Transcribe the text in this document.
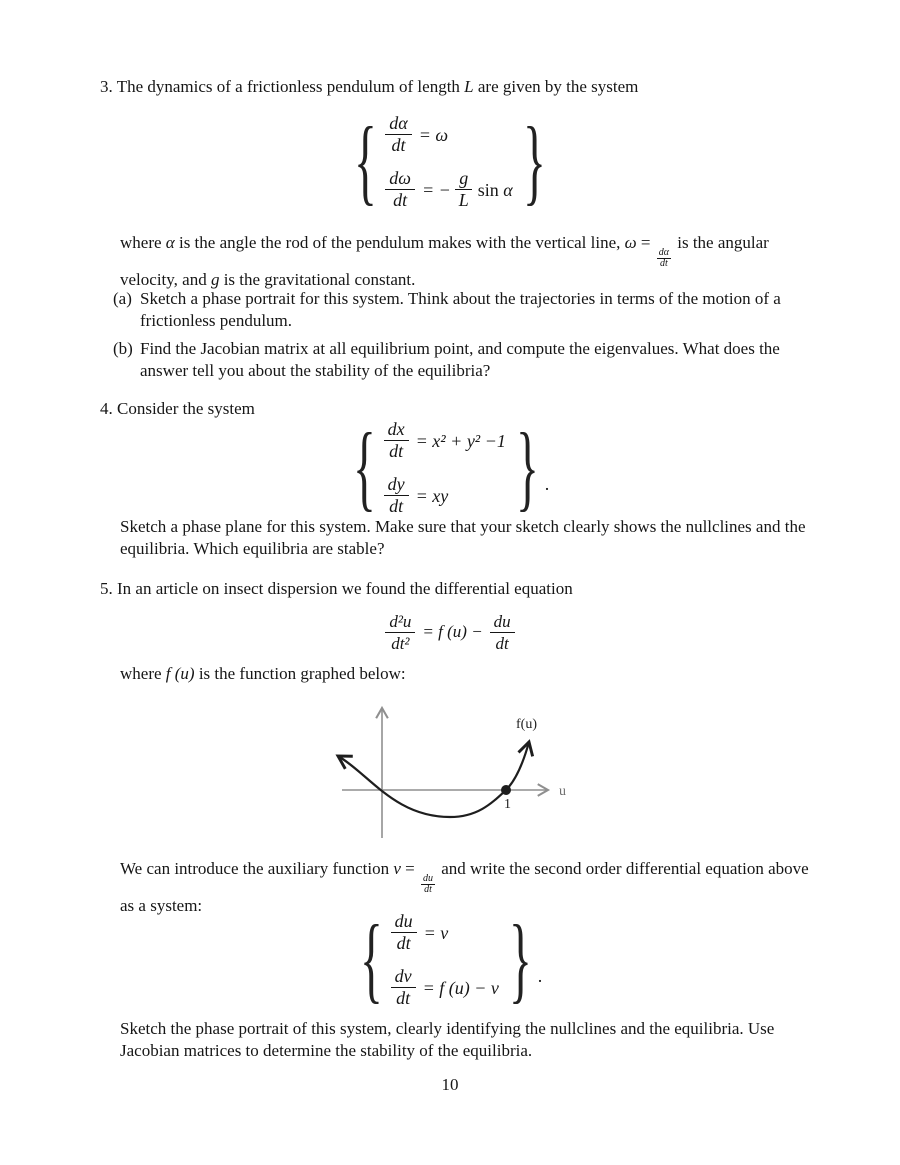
3. The dynamics of a frictionless pendulum of length L are given by the system
{ $\frac{d\alpha}{dt} = \omega$
$\frac{d\omega}{dt}$ = − $\frac{g}{L}$ sin α }
where α is the angle the rod of the pendulum makes with the vertical line, ω =
$\frac{d\alpha}{dt}$
is the angular velocity, and g is the gravitational constant.
(a) Sketch a phase portrait for this system. Think about the trajectories in terms of the motion of a frictionless pendulum.
(b) Find the Jacobian matrix at all equilibrium point, and compute the eigenvalues. What does the answer tell you about the stability of the equilibria?
4. Consider the system
{ $\frac{dx}{dt} = x^2 + y^2 -1$
$\frac{dy}{dt}$ = xy } .
Sketch a phase plane for this system. Make sure that your sketch clearly shows the nullclines and the equilibria. Which equilibria are stable?
5. In an article on insect dispersion we found the differential equation
$\frac{\text{d²u}}{\text{dt²}} = f$ $(u) - \frac{du}{dt}$
where f (u) is the function graphed below:
1
f(u)
u
We can introduce the auxiliary function v =
$\frac{du}{dt}$
and write the second order differential equation above as a system:
{ $\frac{du}{dt} = v$
$\frac{dv}{dt} = f$ (u) − v } .
Sketch the phase portrait of this system, clearly identifying the nullclines and the equilibria. Use Jacobian matrices to determine the stability of the equilibria.
10
